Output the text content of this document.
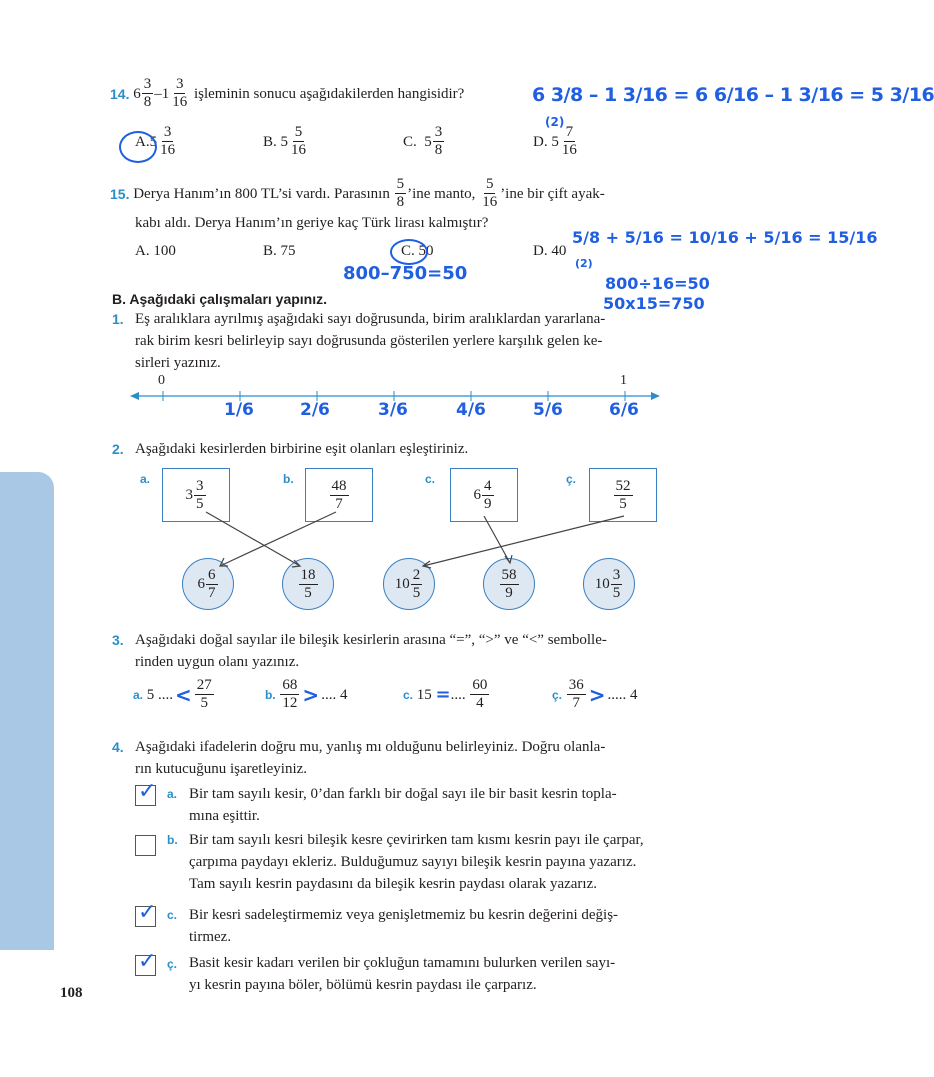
14.
$6 \frac{3}{8} -1 \frac{3}{16}$
işleminin sonucu aşağıdakilerden hangisidir?	6 3/8 – 1 3/16 = 6 6/16 – 1 3/16 = 5 3/16
(2)
A. $5 \frac{3}{16}$	B.
$5 \frac{5}{16}$	C.
$5 \frac{3}{8}$	D.
$5 \frac{7}{16}$
15.
Derya Hanım’ın 800 TL’si vardı. Parasının
$\frac{5}{8}$ ’ine manto,
$\frac{5}{16}$ ’ine bir çift ayak-
kabı aldı. Derya Hanım’ın geriye kaç Türk lirası kalmıştır?
A. 100	B. 75	C. 50	D. 40
5/8 + 5/16 = 10/16 + 5/16 = 15/16
(2)
800–750=50	800÷16=50
50x15=750
B. Aşağıdaki çalışmaları yapınız.
1. Eş aralıklara ayrılmış aşağıdaki sayı doğrusunda, birim aralıklardan yararlana-
rak birim kesri belirleyip sayı doğrusunda gösterilen yerlere karşılık gelen ke-
sirleri yazınız.
0	1
1/6	2/6	3/6	4/6	5/6	6/6
2. Aşağıdaki kesirlerden birbirine eşit olanları eşleştiriniz.
a.	b.	c.	ç.
$3 \frac{3}{5}$	$\frac{48}{7}$	$6 \frac{4}{9}$	$\frac{52}{5}$
$6 \frac{6}{7}$	$\frac{18}{5}$	$10 \frac{2}{5}$	$\frac{58}{9}$	$10 \frac{3}{5}$
3. Aşağıdaki doğal sayılar ile bileşik kesirlerin arasına “=”, “>” ve “<” sembolle-
rinden uygun olanı yazınız.
a.
5
.... < $\frac{27}{5}$	b.
$\frac{68}{12}$ > ....
4	c.
15
= ....
$\frac{60}{4}$	ç.
$\frac{36}{7}$ > .....
4
4. Aşağıdaki ifadelerin doğru mu, yanlış mı olduğunu belirleyiniz. Doğru olanla-
rın kutucuğunu işaretleyiniz.
✓ a. Bir tam sayılı kesir, 0’dan farklı bir doğal sayı ile bir basit kesrin topla-
mına eşittir.
b. Bir tam sayılı kesri bileşik kesre çevirirken tam kısmı kesrin payı ile çarpar,
çarpıma paydayı ekleriz. Bulduğumuz sayıyı bileşik kesrin payına yazarız.
Tam sayılı kesrin paydasını da bileşik kesrin paydası olarak yazarız.
✓ c. Bir kesri sadeleştirmemiz veya genişletmemiz bu kesrin değerini değiş-
tirmez.
✓ ç. Basit kesir kadarı verilen bir çokluğun tamamını bulurken verilen sayı-
yı kesrin payına böler, bölümü kesrin paydası ile çarparız.
108
